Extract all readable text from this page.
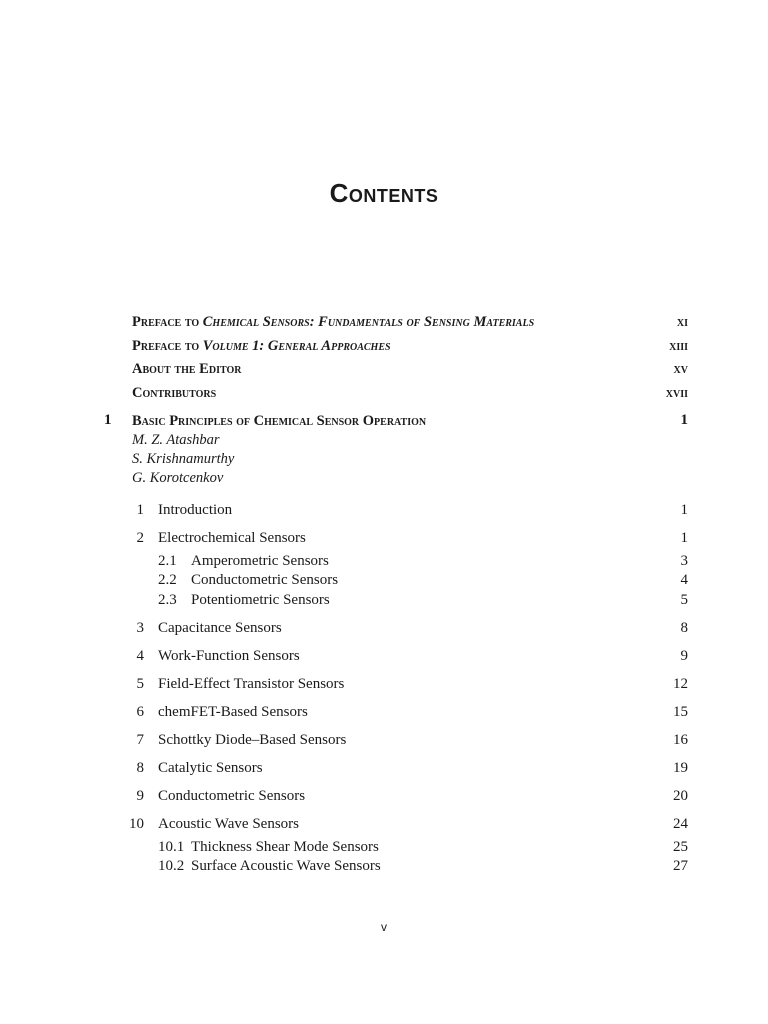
Contents
Preface to Chemical Sensors: Fundamentals of Sensing Materials	xi
Preface to Volume 1: General Approaches	xiii
About the Editor	xv
Contributors	xvii
1 Basic Principles of Chemical Sensor Operation	1
M. Z. Atashbar
S. Krishnamurthy
G. Korotcenkov
1 Introduction	1
2 Electrochemical Sensors	1
2.1 Amperometric Sensors	3
2.2 Conductometric Sensors	4
2.3 Potentiometric Sensors	5
3 Capacitance Sensors	8
4 Work-Function Sensors	9
5 Field-Effect Transistor Sensors	12
6 chemFET-Based Sensors	15
7 Schottky Diode–Based Sensors	16
8 Catalytic Sensors	19
9 Conductometric Sensors	20
10 Acoustic Wave Sensors	24
10.1 Thickness Shear Mode Sensors	25
10.2 Surface Acoustic Wave Sensors	27
v
